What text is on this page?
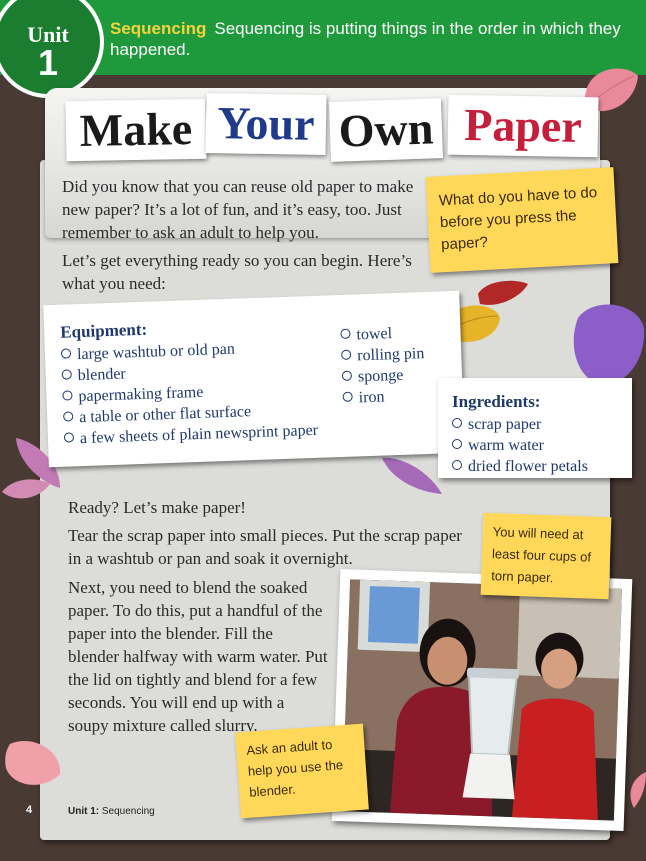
Unit
1
Sequencing Sequencing is putting things in the order in which they happened.
Make Your Own Paper

Did you know that you can reuse old paper to make new paper? It’s a lot of fun, and it’s easy, too. Just remember to ask an adult to help you.

Let’s get everything ready so you can begin. Here’s what you need:

What do you have to do before you press the paper?
Equipment:
large washtub or old pan
blender
papermaking frame
a table or other flat surface
a few sheets of plain newsprint paper
towel
rolling pin
sponge
iron	Ingredients:
scrap paper
warm water
dried flower petals

Ready? Let’s make paper!

Tear the scrap paper into small pieces. Put the scrap paper in a washtub or pan and soak it overnight.

Next, you need to blend the soaked paper. To do this, put a handful of the paper into the blender. Fill the blender halfway with warm water. Put the lid on tightly and blend for a few seconds. You will end up with a soupy mixture called slurry.

You will need at least four cups of torn paper.
Ask an adult to help you use the blender.
4	Unit 1: Sequencing
